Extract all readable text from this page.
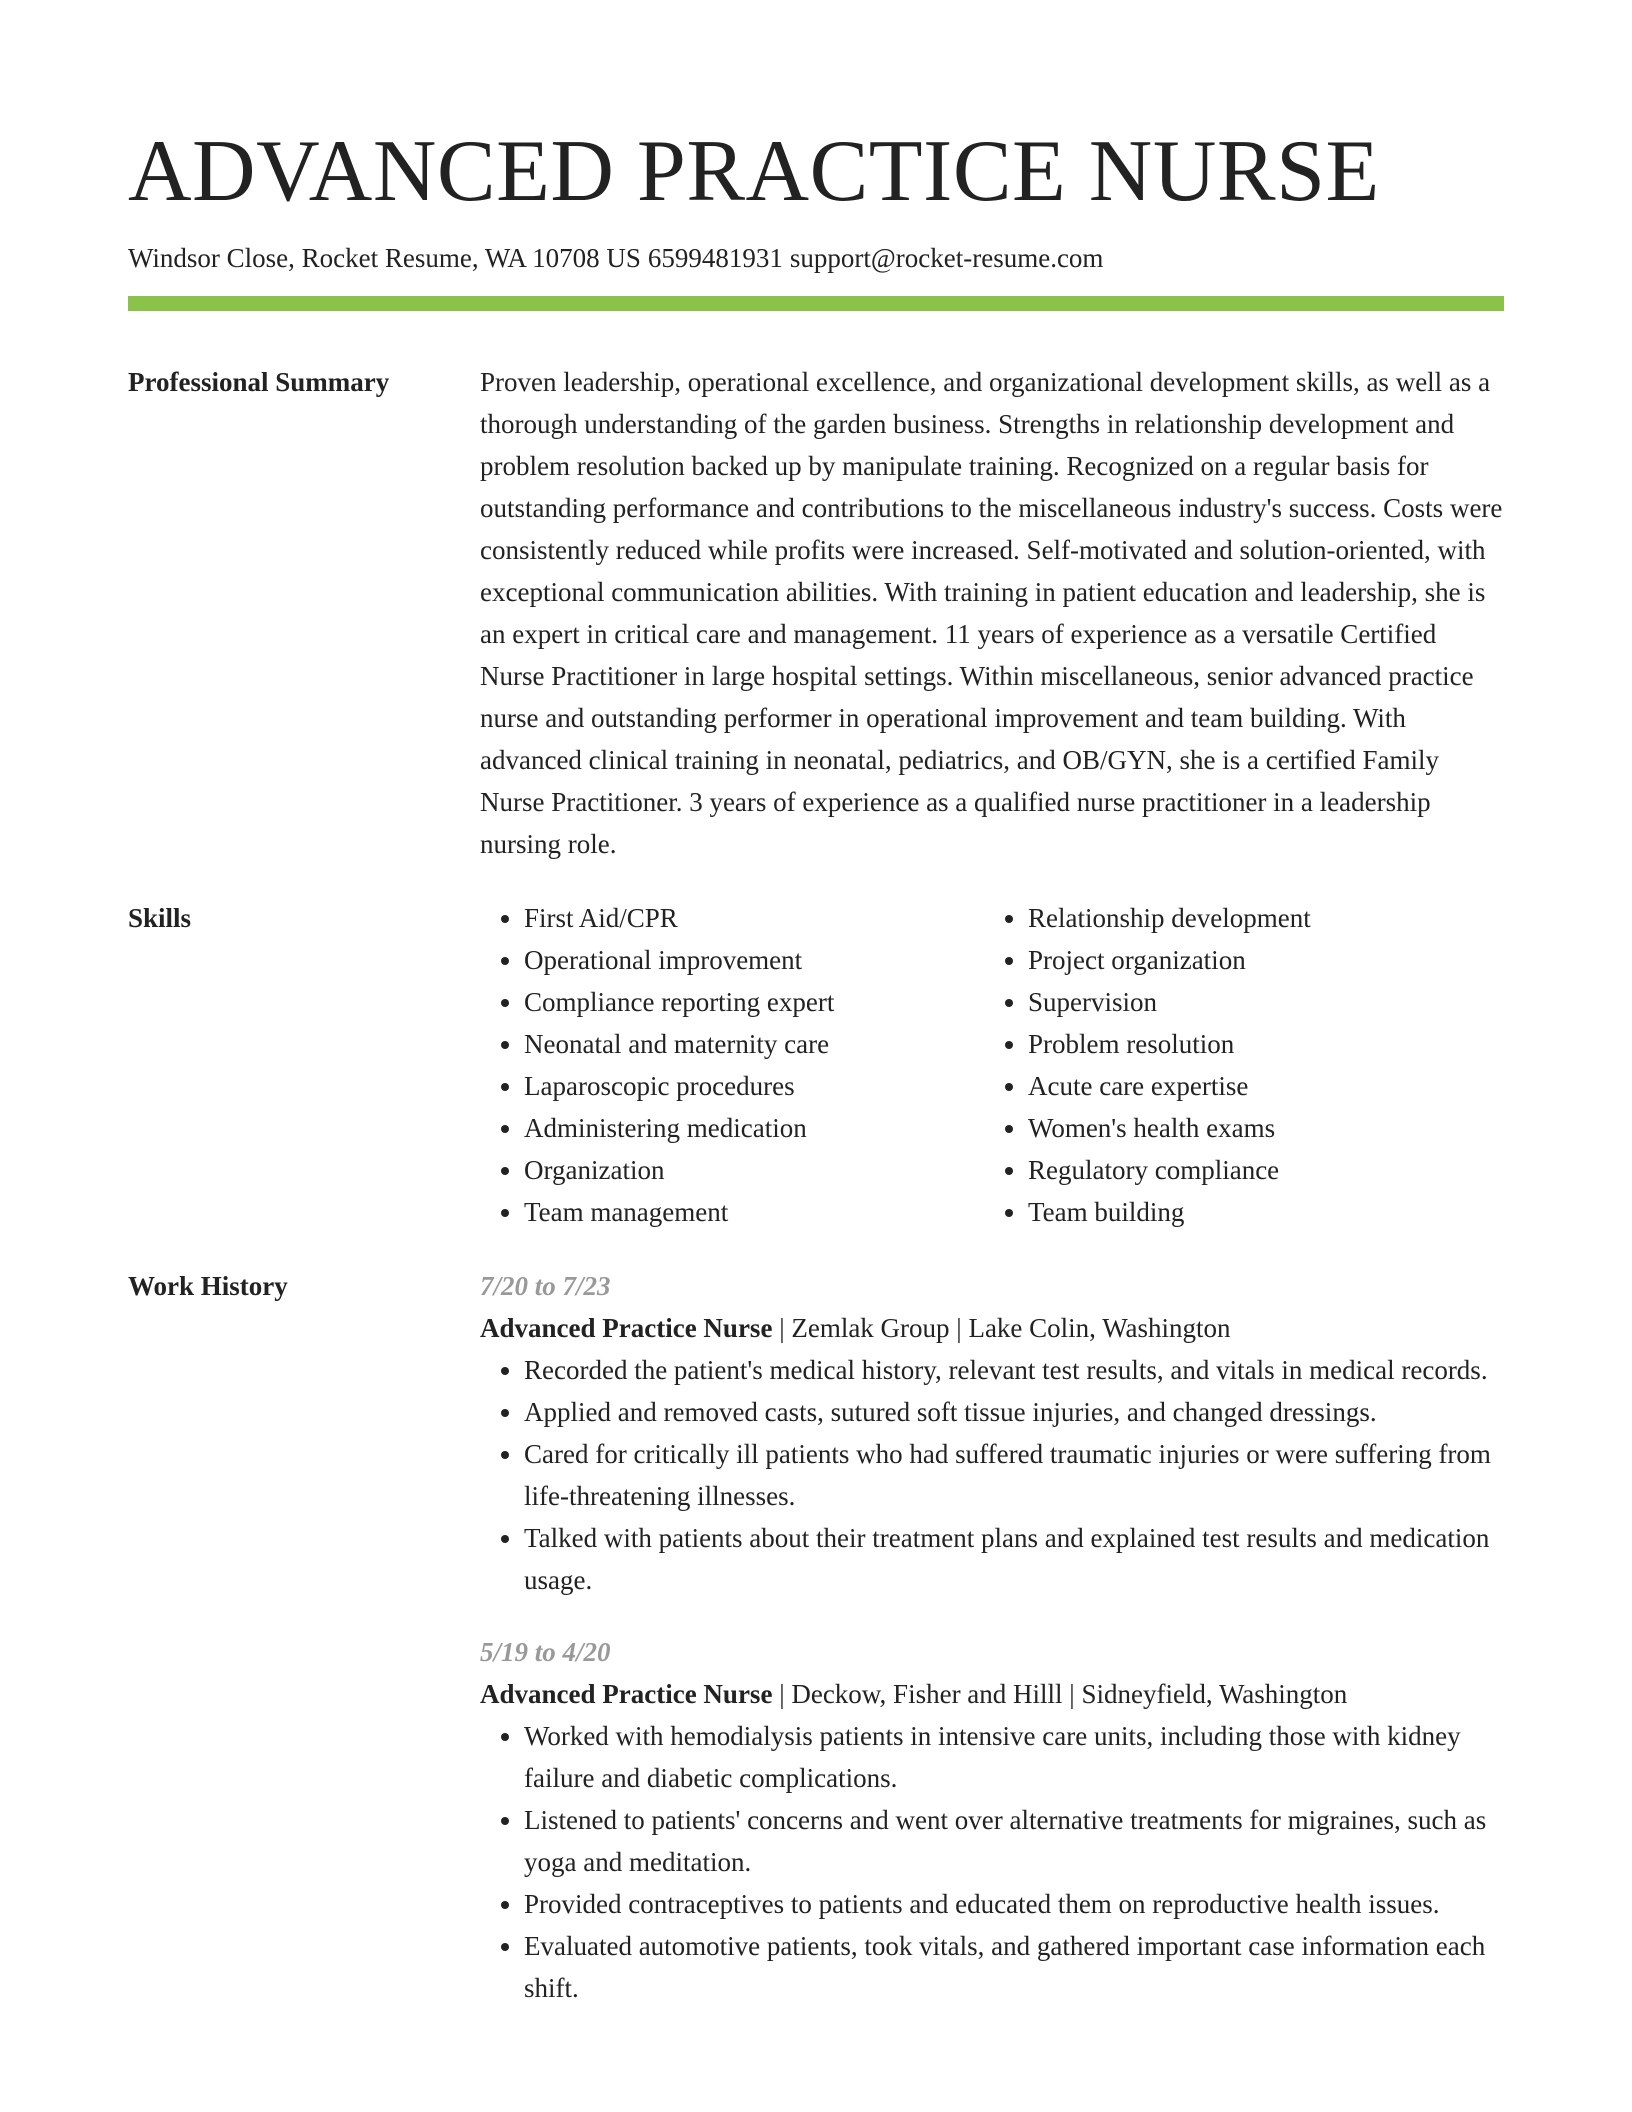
ADVANCED PRACTICE NURSE
Windsor Close, Rocket Resume, WA 10708 US 6599481931 support@rocket-resume.com
Professional Summary	Proven leadership, operational excellence, and organizational development skills, as well as a thorough understanding of the garden business. Strengths in relationship development and problem resolution backed up by manipulate training. Recognized on a regular basis for outstanding performance and contributions to the miscellaneous industry's success. Costs were consistently reduced while profits were increased. Self-motivated and solution-oriented, with exceptional communication abilities. With training in patient education and leadership, she is an expert in critical care and management. 11 years of experience as a versatile Certified Nurse Practitioner in large hospital settings. Within miscellaneous, senior advanced practice nurse and outstanding performer in operational improvement and team building. With advanced clinical training in neonatal, pediatrics, and OB/GYN, she is a certified Family Nurse Practitioner. 3 years of experience as a qualified nurse practitioner in a leadership nursing role.
Skills
•	First Aid/CPR
• Operational improvement
• Compliance reporting expert
• Neonatal and maternity care
• Laparoscopic procedures
• Administering medication
• Organization
• Team management
• Relationship development
• Project organization
• Supervision
• Problem resolution
• Acute care expertise
• Women's health exams
• Regulatory compliance
• Team building
Work History	7/20 to 7/23
Advanced Practice Nurse | Zemlak Group | Lake Colin, Washington
• Recorded the patient's medical history, relevant test results, and vitals in medical records.
• Applied and removed casts, sutured soft tissue injuries, and changed dressings.
• Cared for critically ill patients who had suffered traumatic injuries or were suffering from life-threatening illnesses.
• Talked with patients about their treatment plans and explained test results and medication usage.
5/19 to 4/20
Advanced Practice Nurse | Deckow, Fisher and Hilll | Sidneyfield, Washington
• Worked with hemodialysis patients in intensive care units, including those with kidney failure and diabetic complications.
• Listened to patients' concerns and went over alternative treatments for migraines, such as yoga and meditation.
• Provided contraceptives to patients and educated them on reproductive health issues.
• Evaluated automotive patients, took vitals, and gathered important case information each shift.
